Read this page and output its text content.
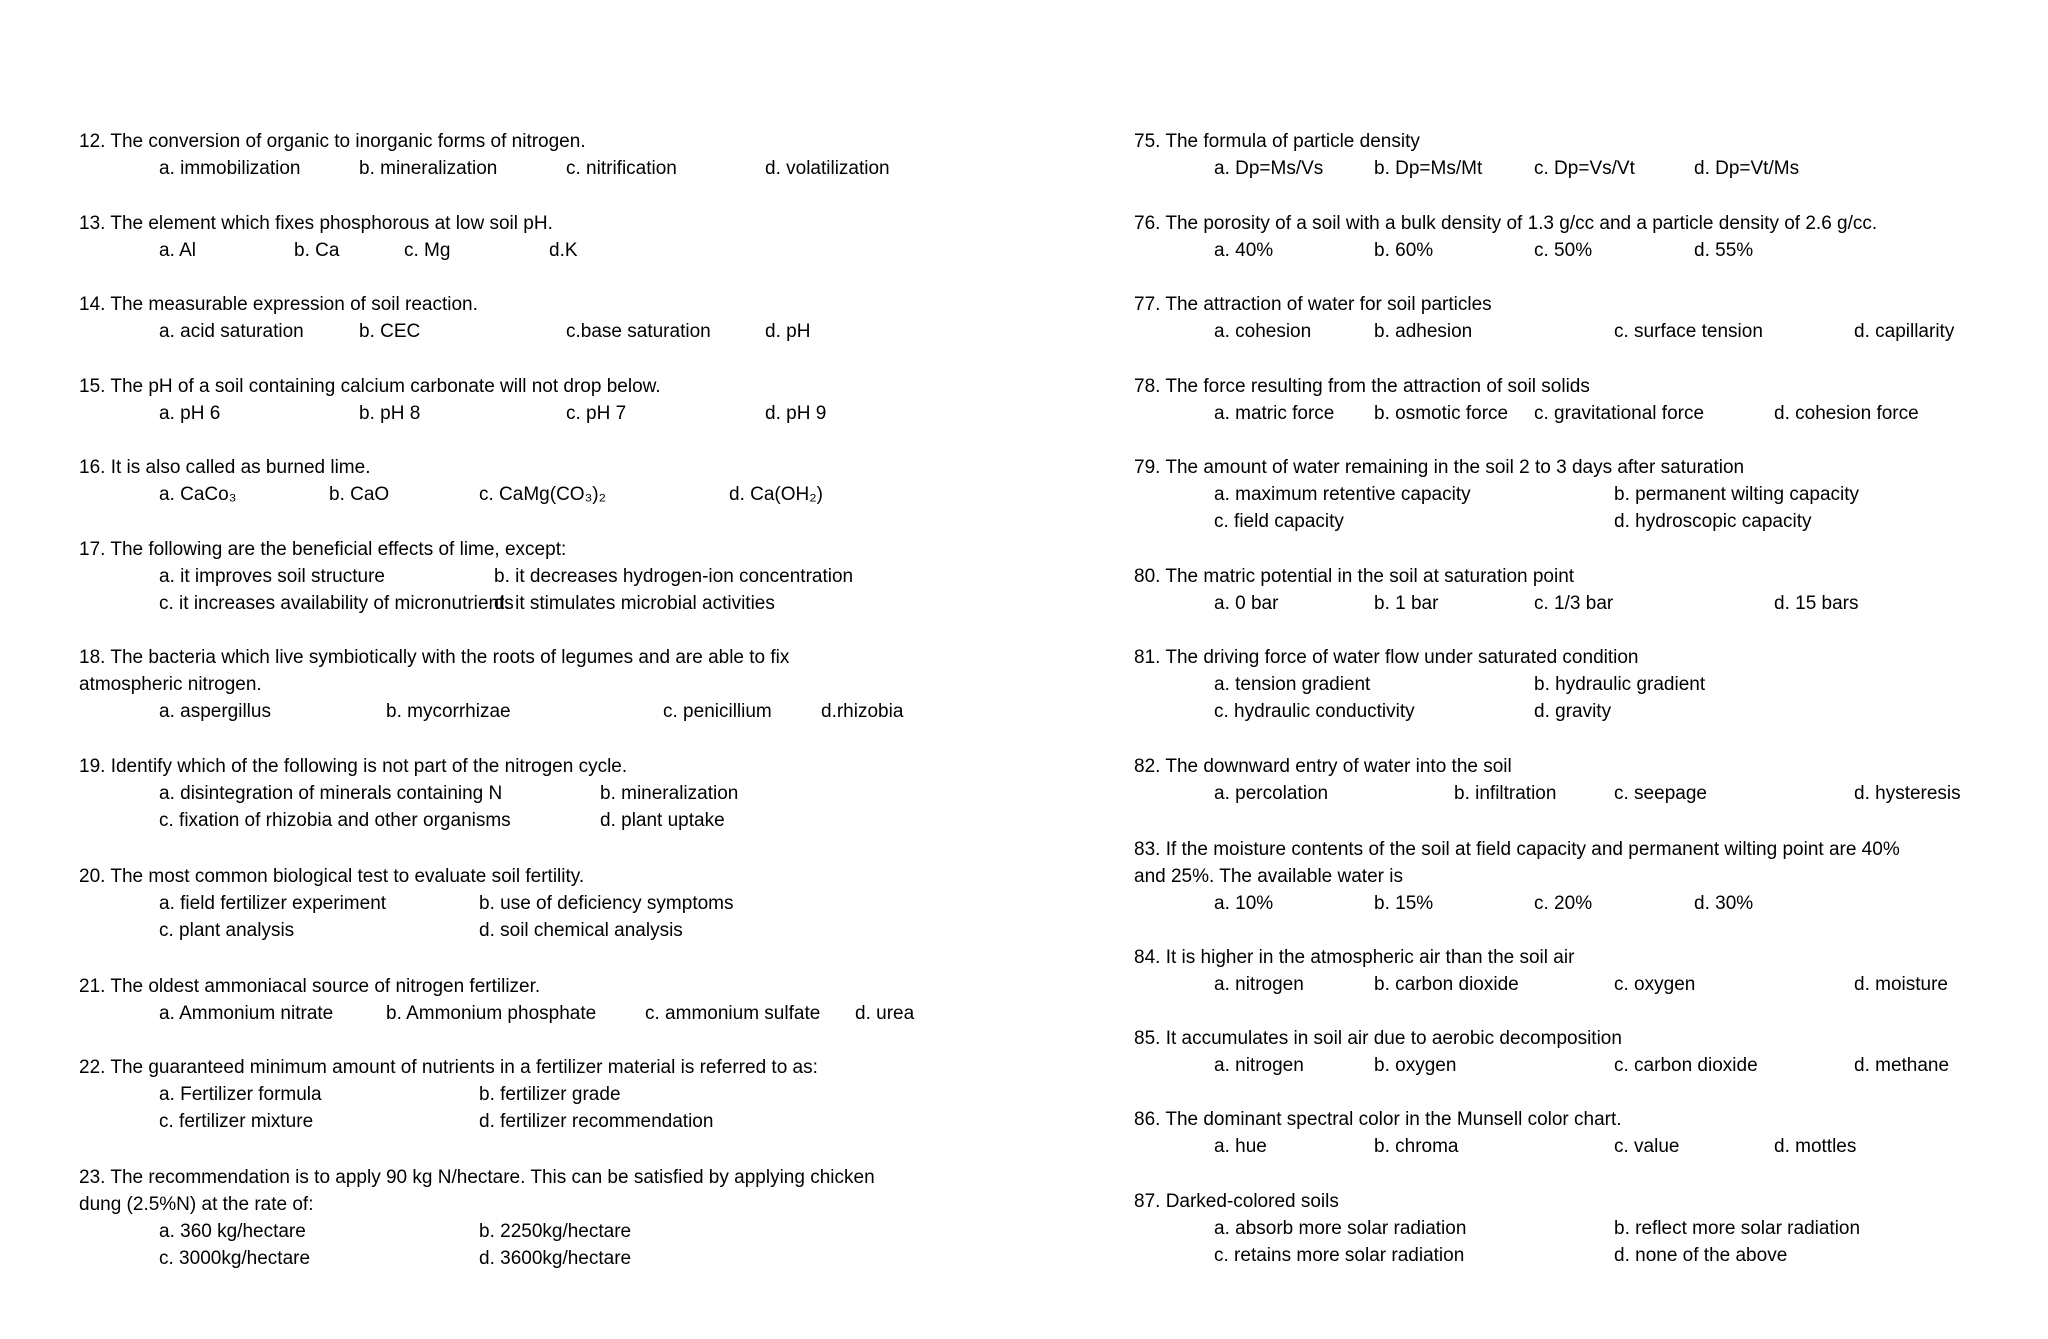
12. The conversion of organic to inorganic forms of nitrogen.
a. immobilization	b. mineralization	c. nitrification	d. volatilization
13. The element which fixes phosphorous at low soil pH.
a. Al	b. Ca	c. Mg	d.K
14. The measurable expression of soil reaction.
a. acid saturation	b. CEC	c.base saturation	d. pH
15. The pH of a soil containing calcium carbonate will not drop below.
a. pH 6	b. pH 8	c. pH 7	d. pH 9
16. It is also called as burned lime.
a. CaCo₃	b. CaO	c. CaMg(CO₃)₂	d. Ca(OH₂)
17. The following are the beneficial effects of lime, except:
a. it improves soil structure	b. it decreases hydrogen-ion concentration
c. it increases availability of micronutrients
d. it stimulates microbial activities
18. The bacteria which live symbiotically with the roots of legumes and are able to fix
atmospheric nitrogen.
a. aspergillus	b. mycorrhizae	c. penicillium	d.rhizobia
19. Identify which of the following is not part of the nitrogen cycle.
a. disintegration of minerals containing N	b. mineralization
c. fixation of rhizobia and other organisms	d. plant uptake
20. The most common biological test to evaluate soil fertility.
a. field fertilizer experiment	b. use of deficiency symptoms
c. plant analysis	d. soil chemical analysis
21. The oldest ammoniacal source of nitrogen fertilizer.
a. Ammonium nitrate	b. Ammonium phosphate	c. ammonium sulfate d. urea
22. The guaranteed minimum amount of nutrients in a fertilizer material is referred to as:
a. Fertilizer formula	b. fertilizer grade
c. fertilizer mixture	d. fertilizer recommendation
23. The recommendation is to apply 90 kg N/hectare. This can be satisfied by applying chicken
dung (2.5%N) at the rate of:
a. 360 kg/hectare	b. 2250kg/hectare
c. 3000kg/hectare	d. 3600kg/hectare
75. The formula of particle density
a. Dp=Ms/Vs	b. Dp=Ms/Mt	c. Dp=Vs/Vt	d. Dp=Vt/Ms
76. The porosity of a soil with a bulk density of 1.3 g/cc and a particle density of 2.6 g/cc.
a. 40%	b. 60%	c. 50%	d. 55%
77. The attraction of water for soil particles
a. cohesion	b. adhesion	c. surface tension	d. capillarity
78. The force resulting from the attraction of soil solids
a. matric force b. osmotic force c. gravitational force	d. cohesion force
79. The amount of water remaining in the soil 2 to 3 days after saturation
a. maximum retentive capacity	b. permanent wilting capacity
c. field capacity	d. hydroscopic capacity
80. The matric potential in the soil at saturation point
a. 0 bar	b. 1 bar	c. 1/3 bar	d. 15 bars
81. The driving force of water flow under saturated condition
a. tension gradient	b. hydraulic gradient
c. hydraulic conductivity	d. gravity
82. The downward entry of water into the soil
a. percolation	b. infiltration	c. seepage	d. hysteresis
83. If the moisture contents of the soil at field capacity and permanent wilting point are 40%
and 25%. The available water is
a. 10%	b. 15%	c. 20%	d. 30%
84. It is higher in the atmospheric air than the soil air
a. nitrogen	b. carbon dioxide	c. oxygen	d. moisture
85. It accumulates in soil air due to aerobic decomposition
a. nitrogen	b. oxygen	c. carbon dioxide	d. methane
86. The dominant spectral color in the Munsell color chart.
a. hue	b. chroma	c. value	d. mottles
87. Darked-colored soils
a. absorb more solar radiation	b. reflect more solar radiation
c. retains more solar radiation	d. none of the above
